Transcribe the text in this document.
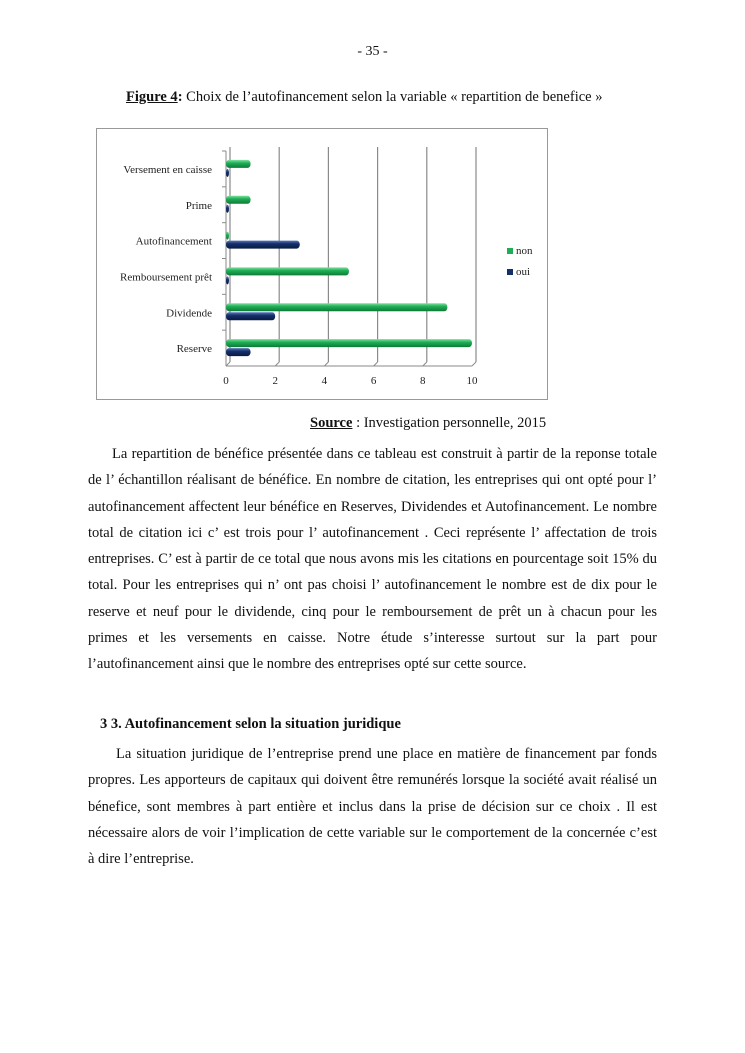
- 35 -
Figure 4: Choix de l’autofinancement selon la variable « repartition de benefice »
0	2	4	6	8	10
Versement en caisse
Prime
Autofinancement
Remboursement prêt
Dividende
Reserve
non
oui
Source : Investigation personnelle, 2015

La repartition de bénéfice présentée dans ce tableau est construit à partir de la reponse totale de l’ échantillon réalisant de bénéfice. En nombre de citation, les entreprises qui ont opté pour l’ autofinancement affectent leur bénéfice en Reserves, Dividendes et Autofinancement. Le nombre total de citation ici c’ est trois pour l’ autofinancement . Ceci représente l’ affectation de trois entreprises. C’ est à partir de ce total que nous avons mis les citations en pourcentage soit 15% du total. Pour les entreprises qui n’ ont pas choisi l’ autofinancement le nombre est de dix pour le reserve et neuf pour le dividende, cinq pour le remboursement de prêt un à chacun pour les primes et les versements en caisse. Notre étude s’interesse surtout sur la part pour l’autofinancement ainsi que le nombre des entreprises opté sur cette source.

3 3. Autofinancement selon la situation juridique

La situation juridique de l’entreprise prend une place en matière de financement par fonds propres. Les apporteurs de capitaux qui doivent être remunérés lorsque la société avait réalisé un bénefice, sont membres à part entière et inclus dans la prise de décision sur ce choix . Il est nécessaire alors de voir l’implication de cette variable sur le comportement de la concernée c’est à dire l’entreprise.
